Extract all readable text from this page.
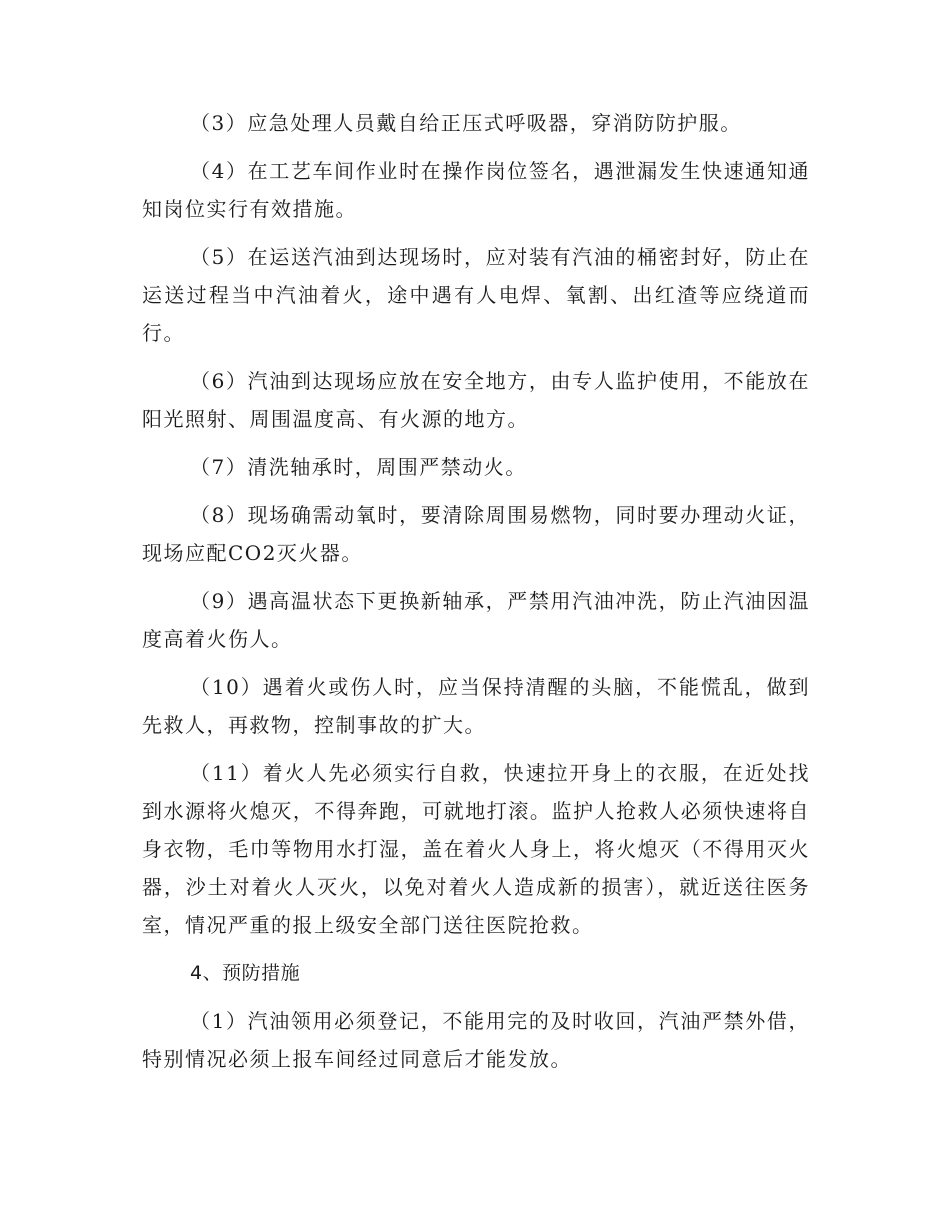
（3）应急处理人员戴自给正压式呼吸器，穿消防防护服。

（4）在工艺车间作业时在操作岗位签名，遇泄漏发生快速通知通知岗位实行有效措施。

（5）在运送汽油到达现场时，应对装有汽油的桶密封好，防止在运送过程当中汽油着火，途中遇有人电焊、氧割、出红渣等应绕道而行。

（6）汽油到达现场应放在安全地方，由专人监护使用，不能放在阳光照射、周围温度高、有火源的地方。

（7）清洗轴承时，周围严禁动火。

（8）现场确需动氧时，要清除周围易燃物，同时要办理动火证，现场应配CO2灭火器。

（9）遇高温状态下更换新轴承，严禁用汽油冲洗，防止汽油因温度高着火伤人。

（10）遇着火或伤人时，应当保持清醒的头脑，不能慌乱，做到先救人，再救物，控制事故的扩大。

（11）着火人先必须实行自救，快速拉开身上的衣服，在近处找到水源将火熄灭，不得奔跑，可就地打滚。监护人抢救人必须快速将自身衣物，毛巾等物用水打湿，盖在着火人身上，将火熄灭（不得用灭火器，沙土对着火人灭火，以免对着火人造成新的损害），就近送往医务室，情况严重的报上级安全部门送往医院抢救。

4、预防措施

（1）汽油领用必须登记，不能用完的及时收回，汽油严禁外借，特别情况必须上报车间经过同意后才能发放。
